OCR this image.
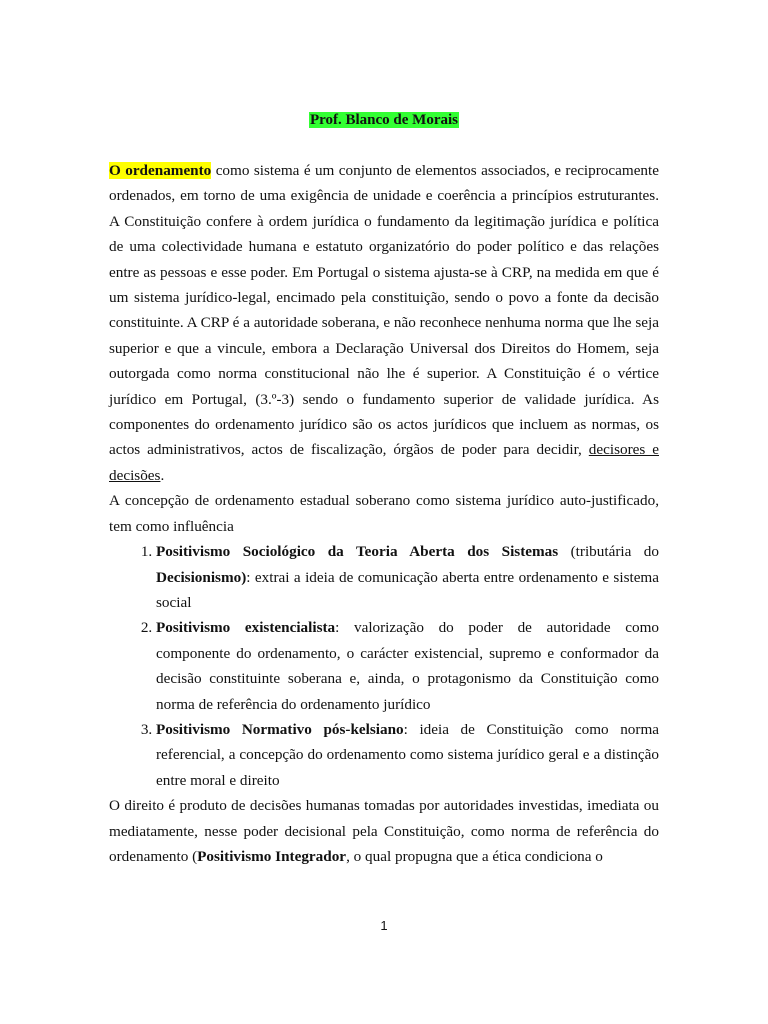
Prof. Blanco de Morais

O ordenamento como sistema é um conjunto de elementos associados, e reciprocamente ordenados, em torno de uma exigência de unidade e coerência a princípios estruturantes. A Constituição confere à ordem jurídica o fundamento da legitimação jurídica e política de uma colectividade humana e estatuto organizatório do poder político e das relações entre as pessoas e esse poder. Em Portugal o sistema ajusta-se à CRP, na medida em que é um sistema jurídico-legal, encimado pela constituição, sendo o povo a fonte da decisão constituinte. A CRP é a autoridade soberana, e não reconhece nenhuma norma que lhe seja superior e que a vincule, embora a Declaração Universal dos Direitos do Homem, seja outorgada como norma constitucional não lhe é superior. A Constituição é o vértice jurídico em Portugal, (3.º-3) sendo o fundamento superior de validade jurídica. As componentes do ordenamento jurídico são os actos jurídicos que incluem as normas, os actos administrativos, actos de fiscalização, órgãos de poder para decidir, decisores e decisões.

A concepção de ordenamento estadual soberano como sistema jurídico auto-justificado, tem como influência

1. Positivismo Sociológico da Teoria Aberta dos Sistemas (tributária do Decisionismo): extrai a ideia de comunicação aberta entre ordenamento e sistema social
2. Positivismo existencialista: valorização do poder de autoridade como componente do ordenamento, o carácter existencial, supremo e conformador da decisão constituinte soberana e, ainda, o protagonismo da Constituição como norma de referência do ordenamento jurídico
3. Positivismo Normativo pós-kelsiano: ideia de Constituição como norma referencial, a concepção do ordenamento como sistema jurídico geral e a distinção entre moral e direito

O direito é produto de decisões humanas tomadas por autoridades investidas, imediata ou mediatamente, nesse poder decisional pela Constituição, como norma de referência do ordenamento (Positivismo Integrador, o qual propugna que a ética condiciona o

1
